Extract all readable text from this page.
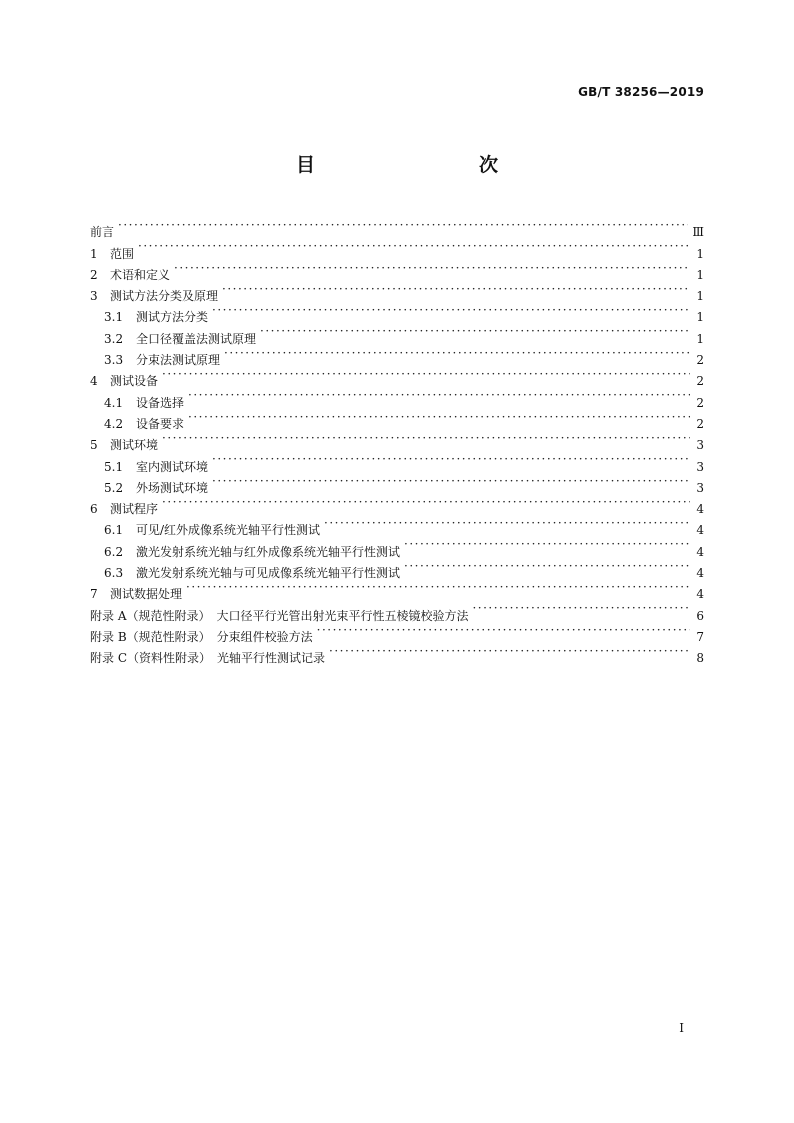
GB/T 38256—2019
目　　次
前言 ·····	Ⅲ
1	范围 ·····	1
2	术语和定义 ·····	1
3	测试方法分类及原理 ·····	1
3.1	测试方法分类 ·····	1
3.2	全口径覆盖法测试原理 ·····	1
3.3	分束法测试原理 ·····	2
4	测试设备 ·····	2
4.1	设备选择 ·····	2
4.2	设备要求 ·····	2
5	测试环境 ·····	3
5.1	室内测试环境 ·····	3
5.2	外场测试环境 ·····	3
6	测试程序 ·····	4
6.1	可见/红外成像系统光轴平行性测试 ·····	4
6.2	激光发射系统光轴与红外成像系统光轴平行性测试 ·····	4
6.3	激光发射系统光轴与可见成像系统光轴平行性测试 ·····	4
7	测试数据处理 ·····	4
附录 A（规范性附录）　大口径平行光管出射光束平行性五棱镜校验方法 ·····	6
附录 B（规范性附录）　分束组件校验方法 ·····	7
附录 C（资料性附录）　光轴平行性测试记录 ·····	8
Ⅰ
